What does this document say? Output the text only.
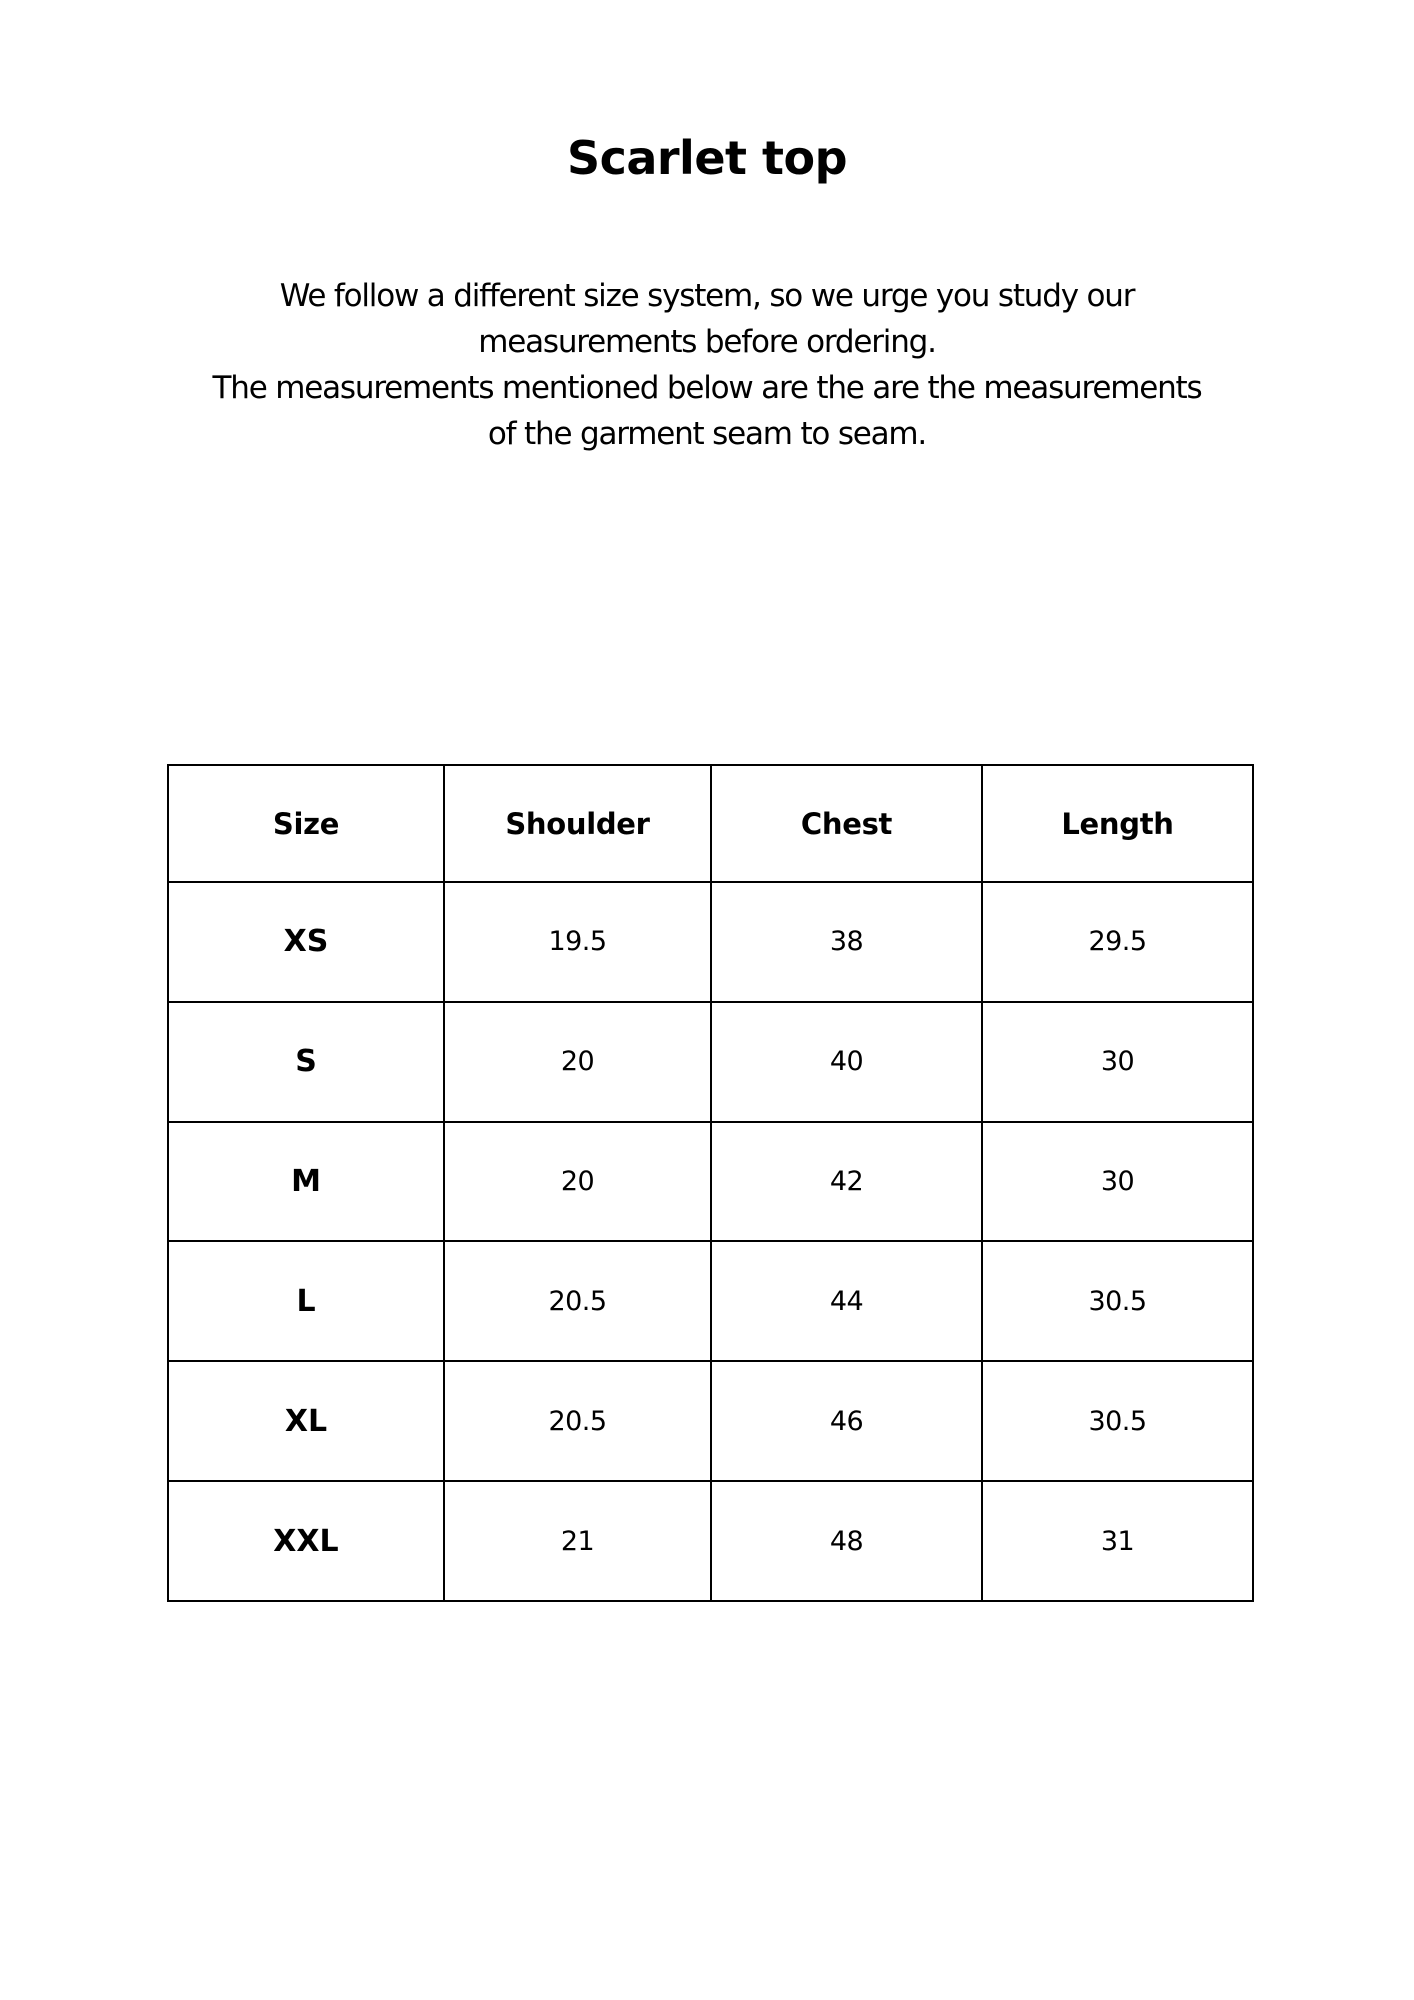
Scarlet top
We follow a different size system, so we urge you study our
measurements before ordering.
The measurements mentioned below are the are the measurements
of the garment seam to seam.
Size	Shoulder	Chest	Length
XS	19.5	38	29.5
S	20	40	30
M	20	42	30
L	20.5	44	30.5
XL	20.5	46	30.5
XXL	21	48	31
